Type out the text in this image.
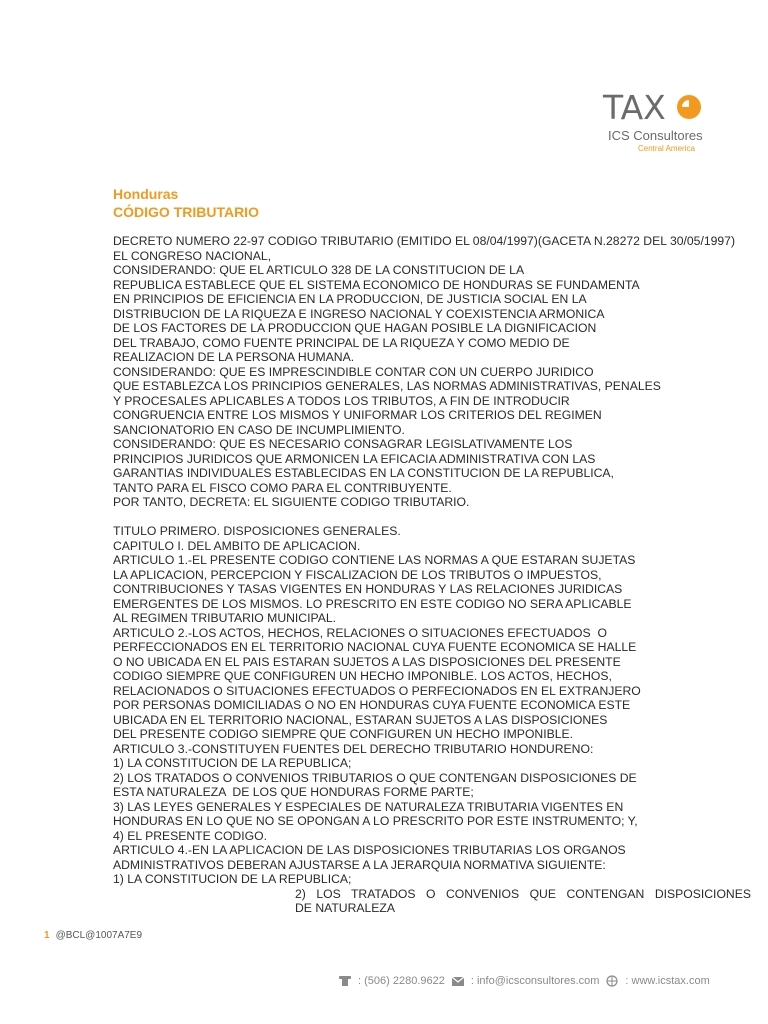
TAX
ICS Consultores
Central America
Honduras
CÓDIGO TRIBUTARIO
DECRETO NUMERO 22-97 CODIGO TRIBUTARIO (EMITIDO EL 08/04/1997)(GACETA N.28272 DEL 30/05/1997)
EL CONGRESO NACIONAL,
CONSIDERANDO: QUE EL ARTICULO 328 DE LA CONSTITUCION DE LA
REPUBLICA ESTABLECE QUE EL SISTEMA ECONOMICO DE HONDURAS SE FUNDAMENTA
EN PRINCIPIOS DE EFICIENCIA EN LA PRODUCCION, DE JUSTICIA SOCIAL EN LA
DISTRIBUCION DE LA RIQUEZA E INGRESO NACIONAL Y COEXISTENCIA ARMONICA
DE LOS FACTORES DE LA PRODUCCION QUE HAGAN POSIBLE LA DIGNIFICACION
DEL TRABAJO, COMO FUENTE PRINCIPAL DE LA RIQUEZA Y COMO MEDIO DE
REALIZACION DE LA PERSONA HUMANA.
CONSIDERANDO: QUE ES IMPRESCINDIBLE CONTAR CON UN CUERPO JURIDICO
QUE ESTABLEZCA LOS PRINCIPIOS GENERALES, LAS NORMAS ADMINISTRATIVAS, PENALES
Y PROCESALES APLICABLES A TODOS LOS TRIBUTOS, A FIN DE INTRODUCIR
CONGRUENCIA ENTRE LOS MISMOS Y UNIFORMAR LOS CRITERIOS DEL REGIMEN
SANCIONATORIO EN CASO DE INCUMPLIMIENTO.
CONSIDERANDO: QUE ES NECESARIO CONSAGRAR LEGISLATIVAMENTE LOS
PRINCIPIOS JURIDICOS QUE ARMONICEN LA EFICACIA ADMINISTRATIVA CON LAS
GARANTIAS INDIVIDUALES ESTABLECIDAS EN LA CONSTITUCION DE LA REPUBLICA,
TANTO PARA EL FISCO COMO PARA EL CONTRIBUYENTE.
POR TANTO, DECRETA: EL SIGUIENTE CODIGO TRIBUTARIO.
TITULO PRIMERO. DISPOSICIONES GENERALES.
CAPITULO I. DEL AMBITO DE APLICACION.
ARTICULO 1.-EL PRESENTE CODIGO CONTIENE LAS NORMAS A QUE ESTARAN SUJETAS
LA APLICACION, PERCEPCION Y FISCALIZACION DE LOS TRIBUTOS O IMPUESTOS,
CONTRIBUCIONES Y TASAS VIGENTES EN HONDURAS Y LAS RELACIONES JURIDICAS
EMERGENTES DE LOS MISMOS. LO PRESCRITO EN ESTE CODIGO NO SERA APLICABLE
AL REGIMEN TRIBUTARIO MUNICIPAL.
ARTICULO 2.-LOS ACTOS, HECHOS, RELACIONES O SITUACIONES EFECTUADOS  O
PERFECCIONADOS EN EL TERRITORIO NACIONAL CUYA FUENTE ECONOMICA SE HALLE
O NO UBICADA EN EL PAIS ESTARAN SUJETOS A LAS DISPOSICIONES DEL PRESENTE
CODIGO SIEMPRE QUE CONFIGUREN UN HECHO IMPONIBLE. LOS ACTOS, HECHOS,
RELACIONADOS O SITUACIONES EFECTUADOS O PERFECIONADOS EN EL EXTRANJERO
POR PERSONAS DOMICILIADAS O NO EN HONDURAS CUYA FUENTE ECONOMICA ESTE
UBICADA EN EL TERRITORIO NACIONAL, ESTARAN SUJETOS A LAS DISPOSICIONES
DEL PRESENTE CODIGO SIEMPRE QUE CONFIGUREN UN HECHO IMPONIBLE.
ARTICULO 3.-CONSTITUYEN FUENTES DEL DERECHO TRIBUTARIO HONDURENO:
1) LA CONSTITUCION DE LA REPUBLICA;
2) LOS TRATADOS O CONVENIOS TRIBUTARIOS O QUE CONTENGAN DISPOSICIONES DE
ESTA NATURALEZA  DE LOS QUE HONDURAS FORME PARTE;
3) LAS LEYES GENERALES Y ESPECIALES DE NATURALEZA TRIBUTARIA VIGENTES EN
HONDURAS EN LO QUE NO SE OPONGAN A LO PRESCRITO POR ESTE INSTRUMENTO; Y,
4) EL PRESENTE CODIGO.
ARTICULO 4.-EN LA APLICACION DE LAS DISPOSICIONES TRIBUTARIAS LOS ORGANOS
ADMINISTRATIVOS DEBERAN AJUSTARSE A LA JERARQUIA NORMATIVA SIGUIENTE:
1) LA CONSTITUCION DE LA REPUBLICA;
2) LOS TRATADOS O CONVENIOS QUE CONTENGAN DISPOSICIONES
DE NATURALEZA
1 @BCL@1007A7E9
: (506) 2280.9622 : info@icsconsultores.com : www.icstax.com
